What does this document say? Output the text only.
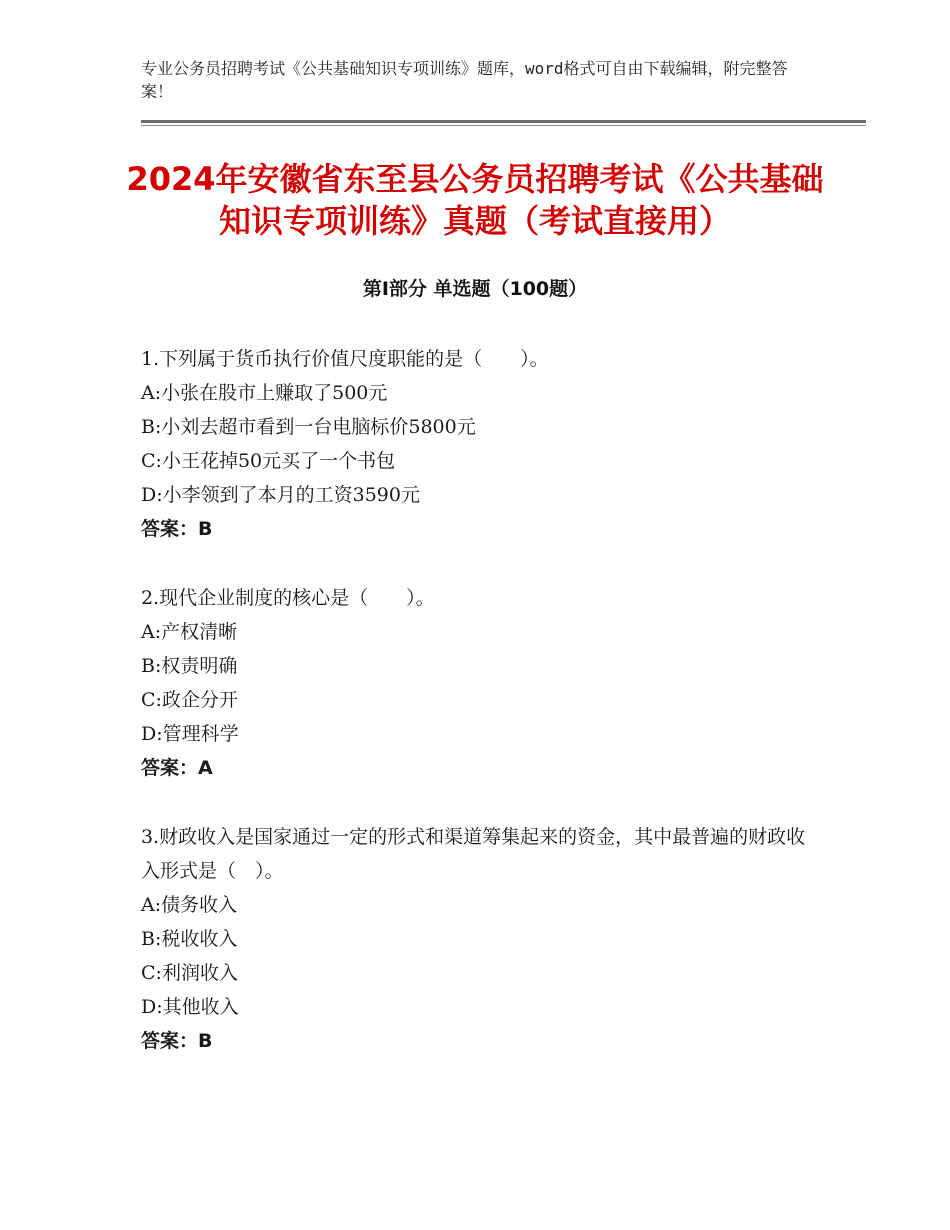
专业公务员招聘考试《公共基础知识专项训练》题库，word格式可自由下载编辑，附完整答案！
2024年安徽省东至县公务员招聘考试《公共基础知识专项训练》真题（考试直接用）
第Ⅰ部分 单选题（100题）

1.下列属于货币执行价值尺度职能的是（　　）。

A:小张在股市上赚取了500元

B:小刘去超市看到一台电脑标价5800元

C:小王花掉50元买了一个书包

D:小李领到了本月的工资3590元

答案：B

2.现代企业制度的核心是（　　）。

A:产权清晰

B:权责明确

C:政企分开

D:管理科学

答案：A

3.财政收入是国家通过一定的形式和渠道筹集起来的资金，其中最普遍的财政收入形式是（　）。

A:债务收入

B:税收收入

C:利润收入

D:其他收入

答案：B
